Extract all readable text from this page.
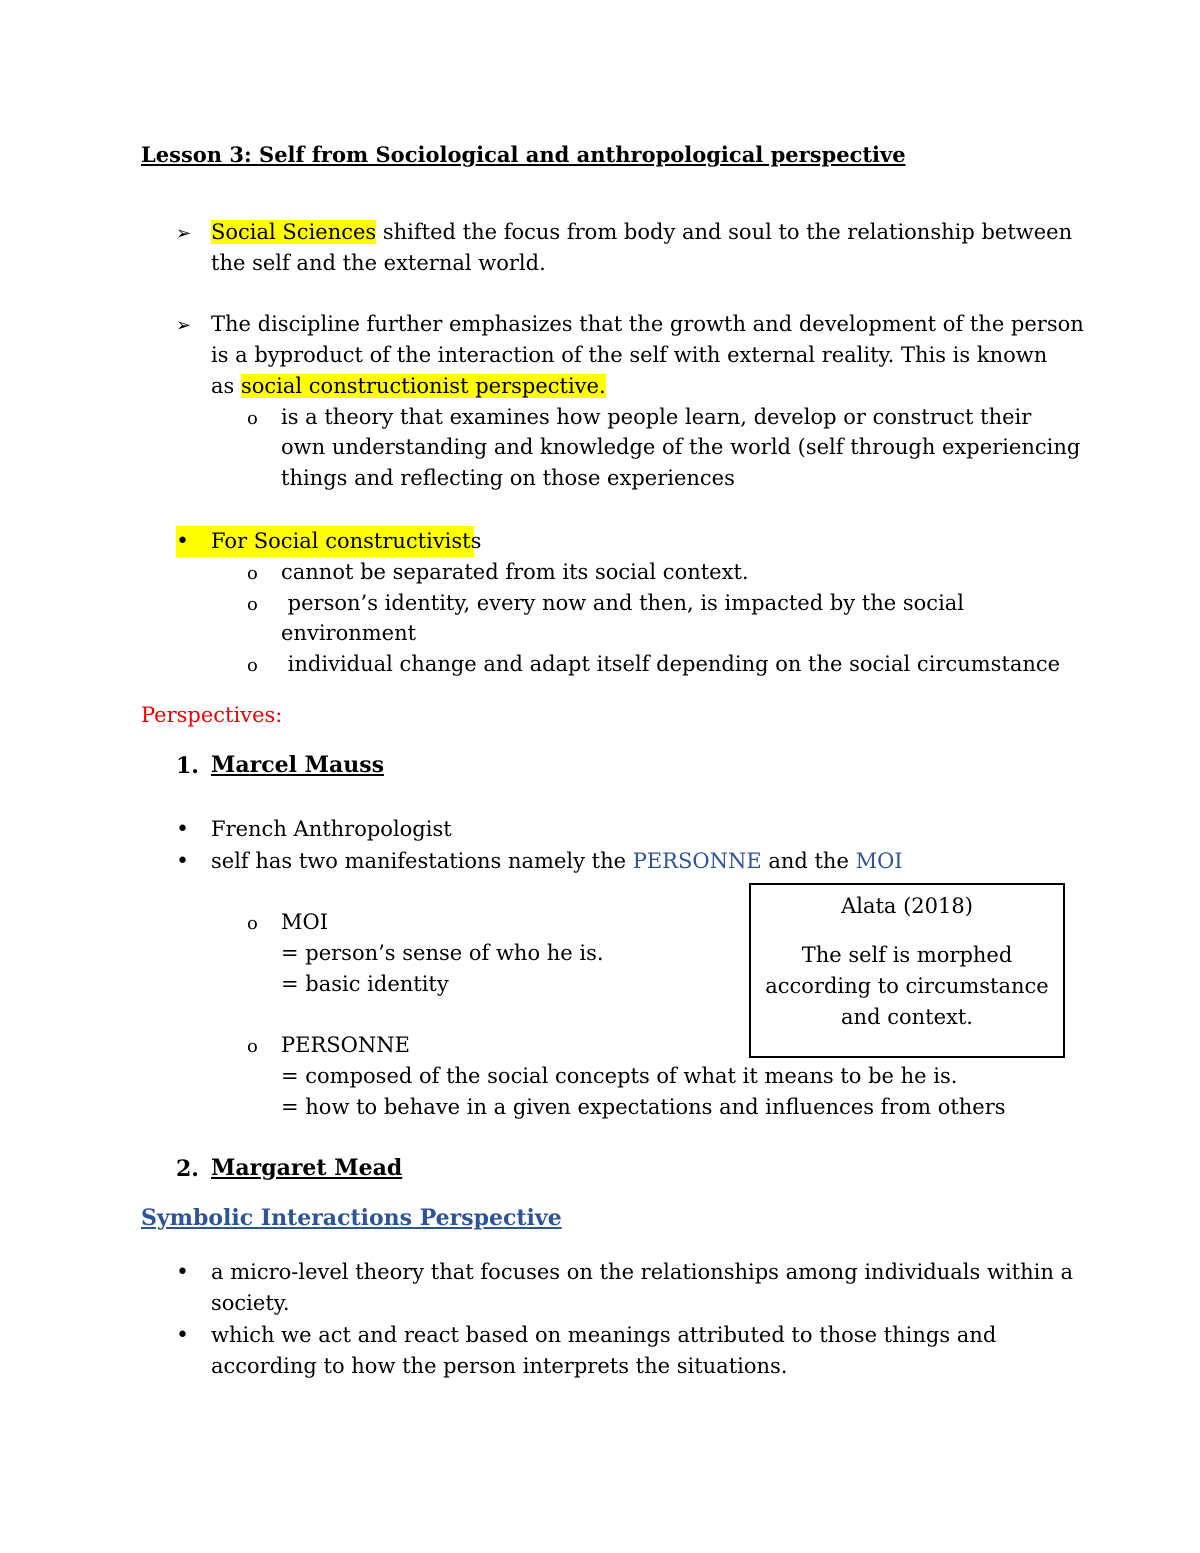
Lesson 3: Self from Sociological and anthropological perspective
➢ Social Sciences shifted the focus from body and soul to the relationship between
the self and the external world.
➢ The discipline further emphasizes that the growth and development of the person
is a byproduct of the interaction of the self with external reality. This is known
as social constructionist perspective.
o is a theory that examines how people learn, develop or construct their
own understanding and knowledge of the world (self through experiencing
things and reflecting on those experiences
• For Social constructivists
o cannot be separated from its social context.
o person’s identity, every now and then, is impacted by the social
environment
o individual change and adapt itself depending on the social circumstance
Perspectives:
1. Marcel Mauss
• French Anthropologist
• self has two manifestations namely the PERSONNE and the MOI
o MOI
= person’s sense of who he is.
= basic identity
o PERSONNE
= composed of the social concepts of what it means to be he is.
= how to behave in a given expectations and influences from others
Alata (2018)
The self is morphed
according to circumstance
and context.
2. Margaret Mead
Symbolic Interactions Perspective
• a micro-level theory that focuses on the relationships among individuals within a
society.
• which we act and react based on meanings attributed to those things and
according to how the person interprets the situations.
